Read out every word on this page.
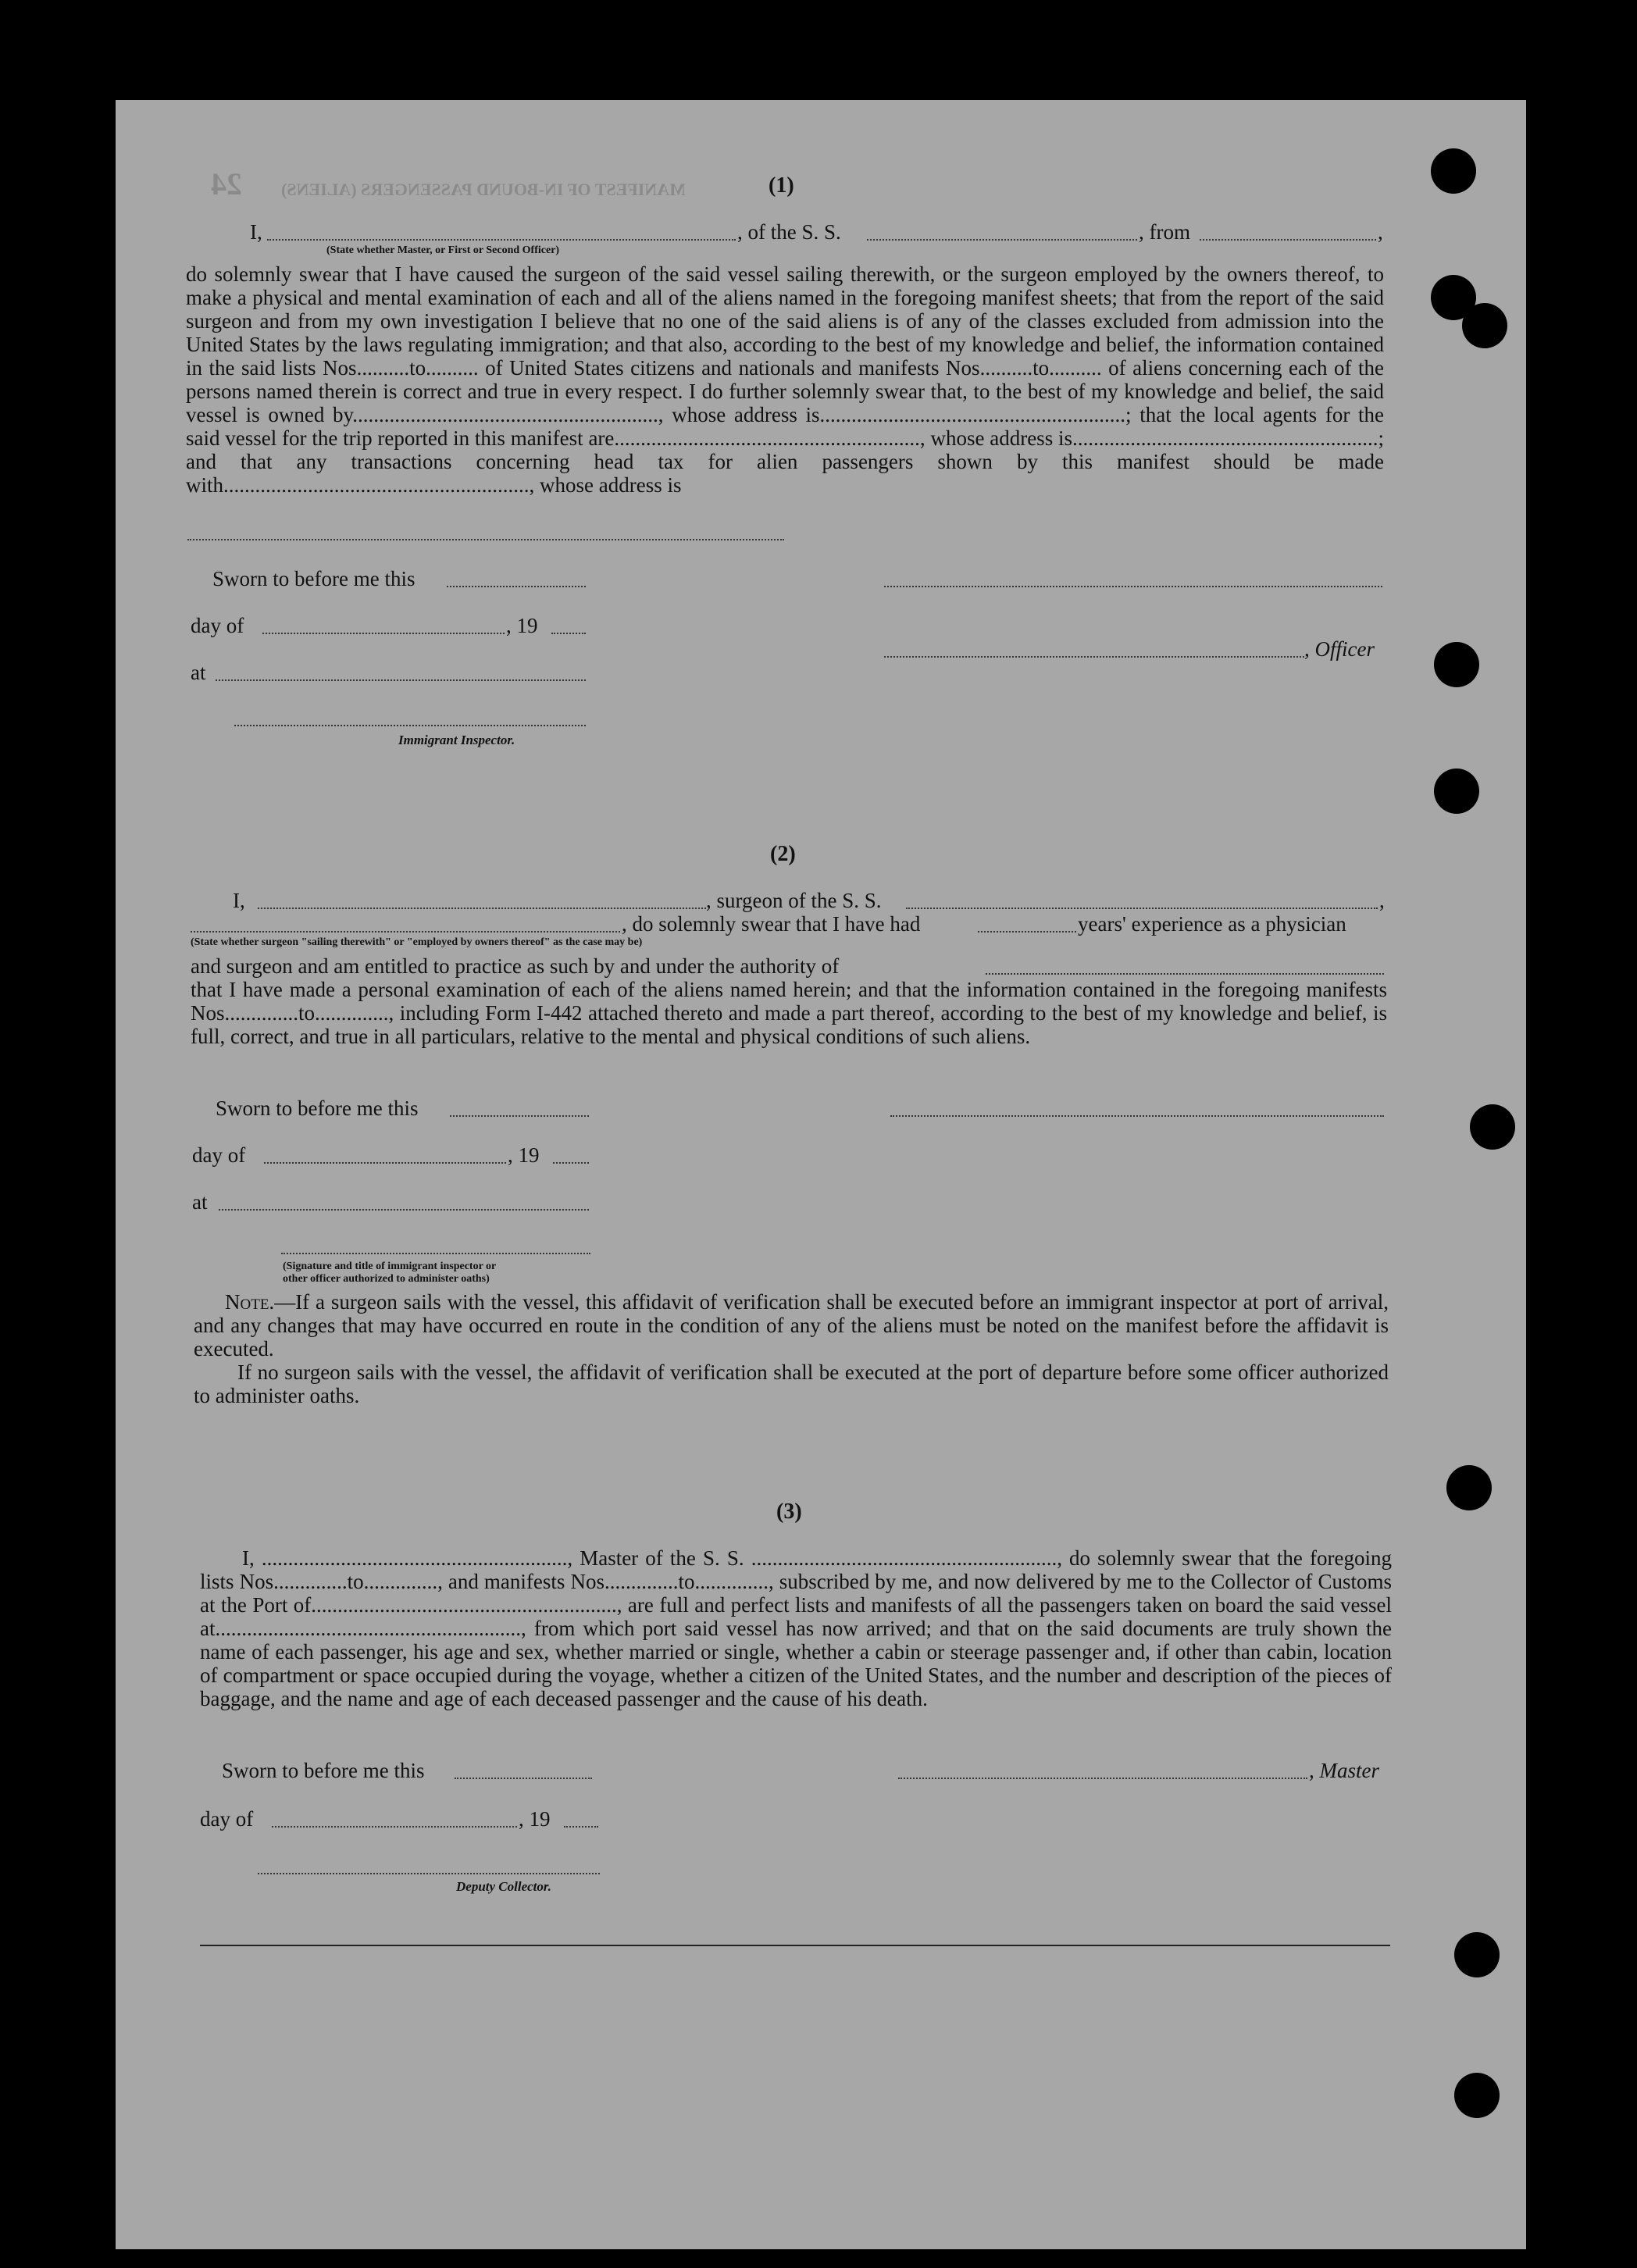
MANIFEST OF IN-BOUND PASSENGERS (ALIENS)
24	(1)
I,	, of the S. S.	, from	,
(State whether Master, or First or Second Officer)
do solemnly swear that I have caused the surgeon of the said vessel sailing therewith, or the surgeon employed by the owners thereof, to make a physical and mental examination of each and all of the aliens named in the foregoing manifest sheets; that from the report of the said surgeon and from my own investigation I believe that no one of the said aliens is of any of the classes excluded from admission into the United States by the laws regulating immigration; and that also, according to the best of my knowledge and belief, the information contained in the said lists Nos..........to.......... of United States citizens and nationals and manifests Nos..........to.......... of aliens concerning each of the persons named therein is correct and true in every respect. I do further solemnly swear that, to the best of my knowledge and belief, the said vessel is owned by.........................................................., whose address is..........................................................; that the local agents for the said vessel for the trip reported in this manifest are.........................................................., whose address is..........................................................; and that any transactions concerning head tax for alien passengers shown by this manifest should be made with.........................................................., whose address is
Sworn to before me this
day of	, 19
, Officer
at
Immigrant Inspector.
(2)
I,	, surgeon of the S. S.	,
, do solemnly swear that I have had	years' experience as a physician
(State whether surgeon "sailing therewith" or "employed by owners thereof" as the case may be)
and surgeon and am entitled to practice as such by and under the authority of
that I have made a personal examination of each of the aliens named herein; and that the information contained in the foregoing manifests Nos..............to.............., including Form I-442 attached thereto and made a part thereof, according to the best of my knowledge and belief, is full, correct, and true in all particulars, relative to the mental and physical conditions of such aliens.
Sworn to before me this
day of	, 19
at
(Signature and title of immigrant inspector or
other officer authorized to administer oaths)
Note.—If a surgeon sails with the vessel, this affidavit of verification shall be executed before an immigrant inspector at port of arrival, and any changes that may have occurred en route in the condition of any of the aliens must be noted on the manifest before the affidavit is executed.
If no surgeon sails with the vessel, the affidavit of verification shall be executed at the port of departure before some officer authorized to administer oaths.
(3)
I, .........................................................., Master of the S. S. .........................................................., do solemnly swear that the foregoing lists Nos..............to.............., and manifests Nos..............to.............., subscribed by me, and now delivered by me to the Collector of Customs at the Port of.........................................................., are full and perfect lists and manifests of all the passengers taken on board the said vessel at.........................................................., from which port said vessel has now arrived; and that on the said documents are truly shown the name of each passenger, his age and sex, whether married or single, whether a cabin or steerage passenger and, if other than cabin, location of compartment or space occupied during the voyage, whether a citizen of the United States, and the number and description of the pieces of baggage, and the name and age of each deceased passenger and the cause of his death.
Sworn to before me this	, Master
day of	, 19
Deputy Collector.
